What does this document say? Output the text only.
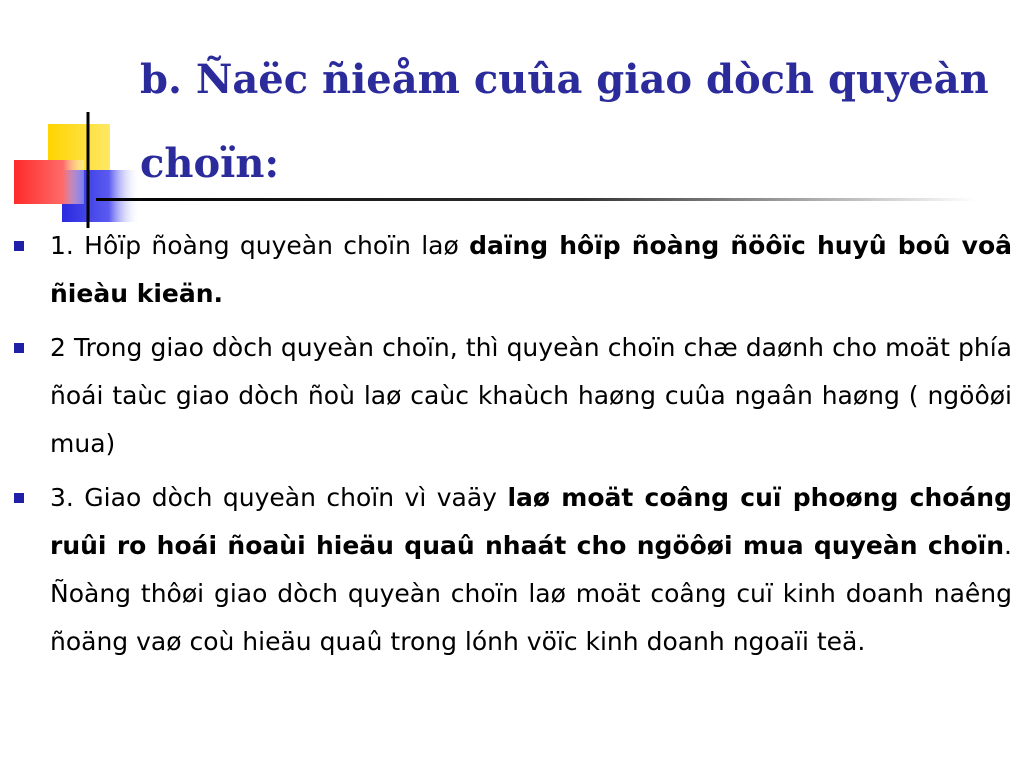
b. Ñaëc ñieåm cuûa giao dòch quyeàn choïn:
1. Hôïp ñoàng quyeàn choïn laø daïng hôïp ñoàng ñöôïc huyû boû voâ ñieàu kieän.
2 Trong giao dòch quyeàn choïn, thì quyeàn choïn chæ daønh cho moät phía ñoái taùc giao dòch ñoù laø caùc khaùch haøng cuûa ngaân haøng ( ngöôøi mua)
3. Giao dòch quyeàn choïn vì vaäy laø moät coâng cuï phoøng choáng ruûi ro hoái ñoaùi hieäu quaû nhaát cho ngöôøi mua quyeàn choïn. Ñoàng thôøi giao dòch quyeàn choïn laø moät coâng cuï kinh doanh naêng ñoäng vaø coù hieäu quaû trong lónh vöïc kinh doanh ngoaïi teä.
